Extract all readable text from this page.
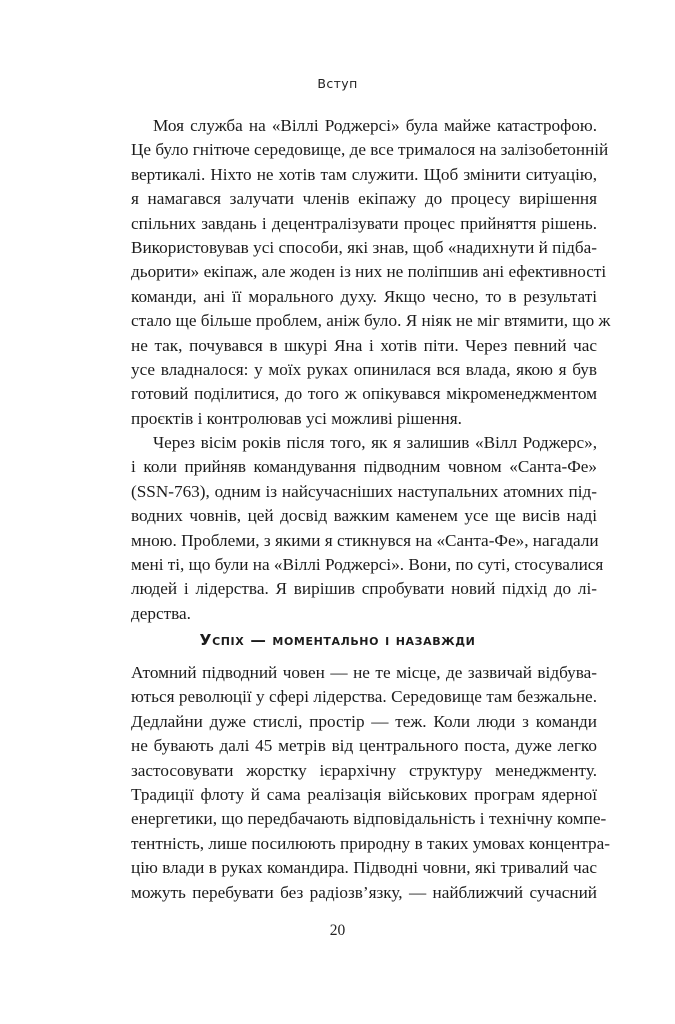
Вступ
Моя служба на «Віллі Роджерсі» була майже катастрофою.
Це було гнітюче середовище, де все трималося на залізобетонній
вертикалі. Ніхто не хотів там служити. Щоб змінити ситуацію,
я намагався залучати членів екіпажу до процесу вирішення
спільних завдань і децентралізувати процес прийняття рішень.
Використовував усі способи, які знав, щоб «надихнути й підба-
дьорити» екіпаж, але жоден із них не поліпшив ані ефективності
команди, ані її морального духу. Якщо чесно, то в результаті
стало ще більше проблем, аніж було. Я ніяк не міг втямити, що ж
не так, почувався в шкурі Яна і хотів піти. Через певний час
усе владналося: у моїх руках опинилася вся влада, якою я був
готовий поділитися, до того ж опікувався мікроменеджментом
проєктів і контролював усі можливі рішення.
Через вісім років після того, як я залишив «Вілл Роджерс»,
і коли прийняв командування підводним човном «Санта-Фе»
(SSN-763), одним із найсучасніших наступальних атомних під-
водних човнів, цей досвід важким каменем усе ще висів наді
мною. Проблеми, з якими я стикнувся на «Санта-Фе», нагадали
мені ті, що були на «Віллі Роджерсі». Вони, по суті, стосувалися
людей і лідерства. Я вирішив спробувати новий підхід до лі-
дерства.
Успіх — моментально і назавжди
Атомний підводний човен — не те місце, де зазвичай відбува-
ються революції у сфері лідерства. Середовище там безжальне.
Дедлайни дуже стислі, простір — теж. Коли люди з команди
не бувають далі 45 метрів від центрального поста, дуже легко
застосовувати жорстку ієрархічну структуру менеджменту.
Традиції флоту й сама реалізація військових програм ядерної
енергетики, що передбачають відповідальність і технічну компе-
тентність, лише посилюють природну в таких умовах концентра-
цію влади в руках командира. Підводні човни, які тривалий час
можуть перебувати без радіозв’язку, — найближчий сучасний
20
